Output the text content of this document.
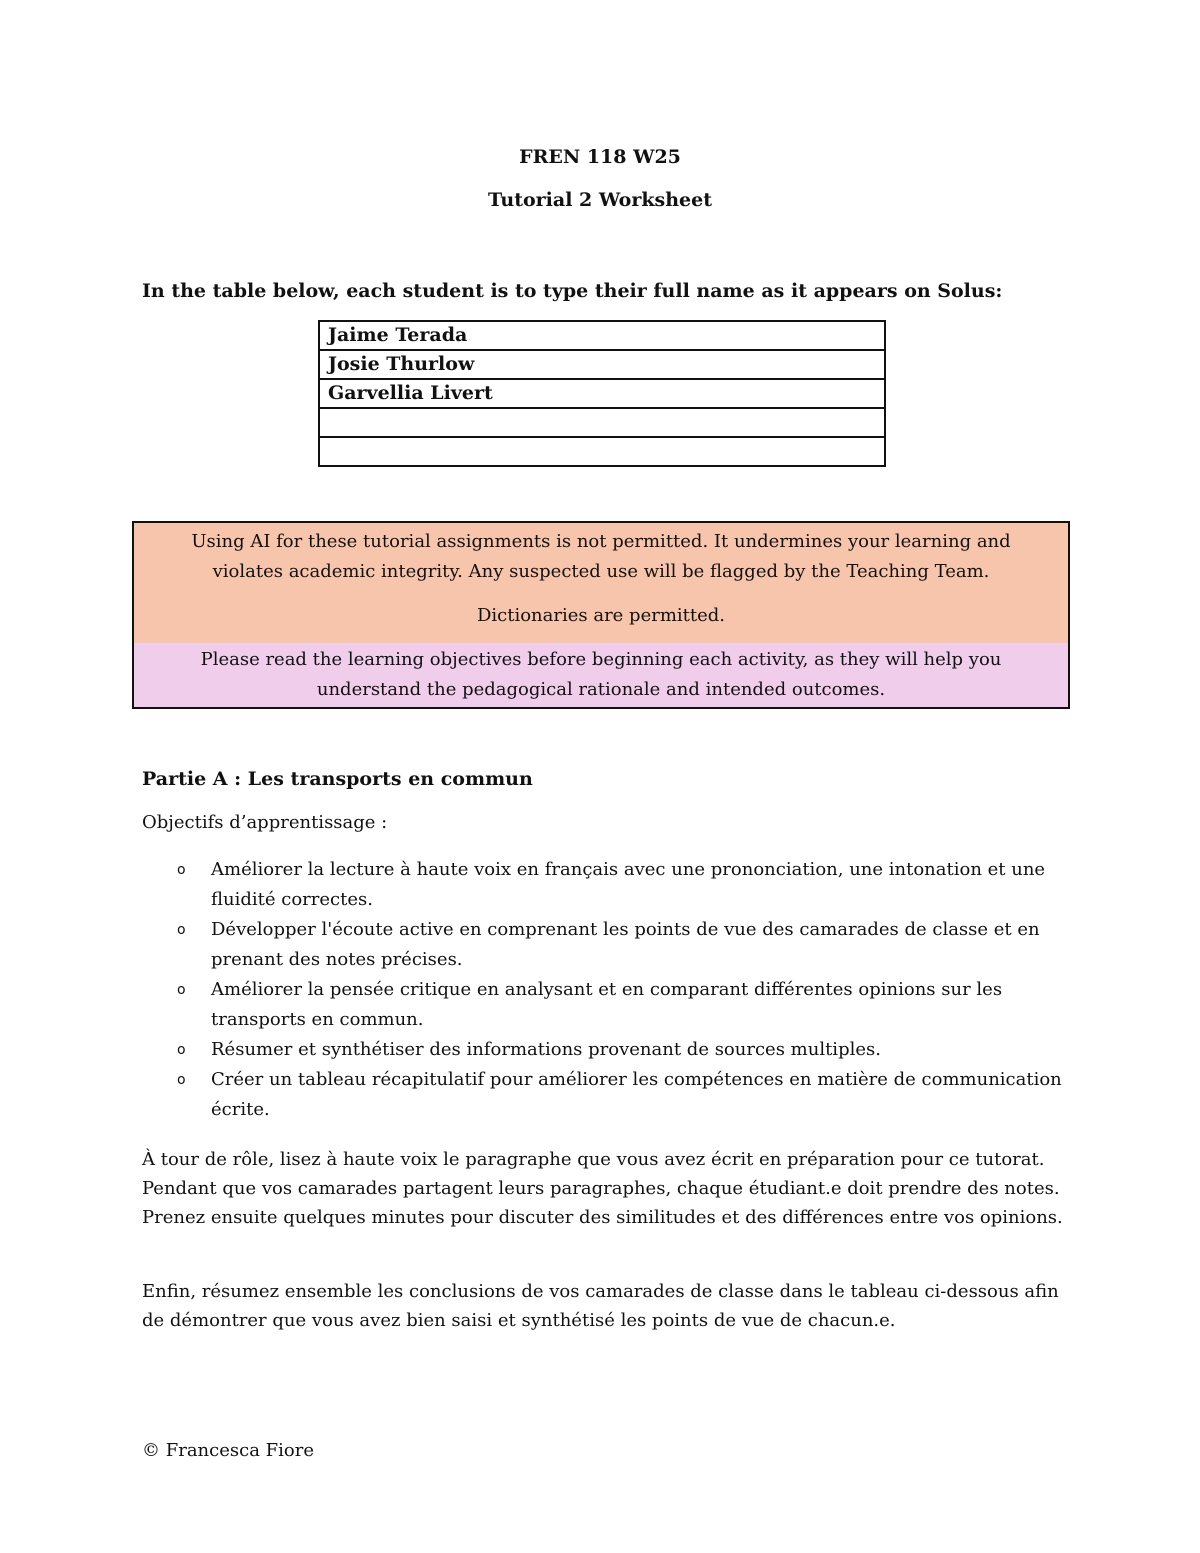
FREN 118 W25
Tutorial 2 Worksheet
In the table below, each student is to type their full name as it appears on Solus:
Jaime Terada
Josie Thurlow
Garvellia Livert

Using AI for these tutorial assignments is not permitted. It undermines your learning and violates academic integrity. Any suspected use will be flagged by the Teaching Team.

Dictionaries are permitted.

Please read the learning objectives before beginning each activity, as they will help you understand the pedagogical rationale and intended outcomes.
Partie A : Les transports en commun
Objectifs d’apprentissage :
o Améliorer la lecture à haute voix en français avec une prononciation, une intonation et une fluidité correctes.
o Développer l'écoute active en comprenant les points de vue des camarades de classe et en prenant des notes précises.
o Améliorer la pensée critique en analysant et en comparant différentes opinions sur les transports en commun.
o Résumer et synthétiser des informations provenant de sources multiples.
o Créer un tableau récapitulatif pour améliorer les compétences en matière de communication écrite.

À tour de rôle, lisez à haute voix le paragraphe que vous avez écrit en préparation pour ce tutorat. Pendant que vos camarades partagent leurs paragraphes, chaque étudiant.e doit prendre des notes. Prenez ensuite quelques minutes pour discuter des similitudes et des différences entre vos opinions.

Enfin, résumez ensemble les conclusions de vos camarades de classe dans le tableau ci-dessous afin de démontrer que vous avez bien saisi et synthétisé les points de vue de chacun.e.

© Francesca Fiore
